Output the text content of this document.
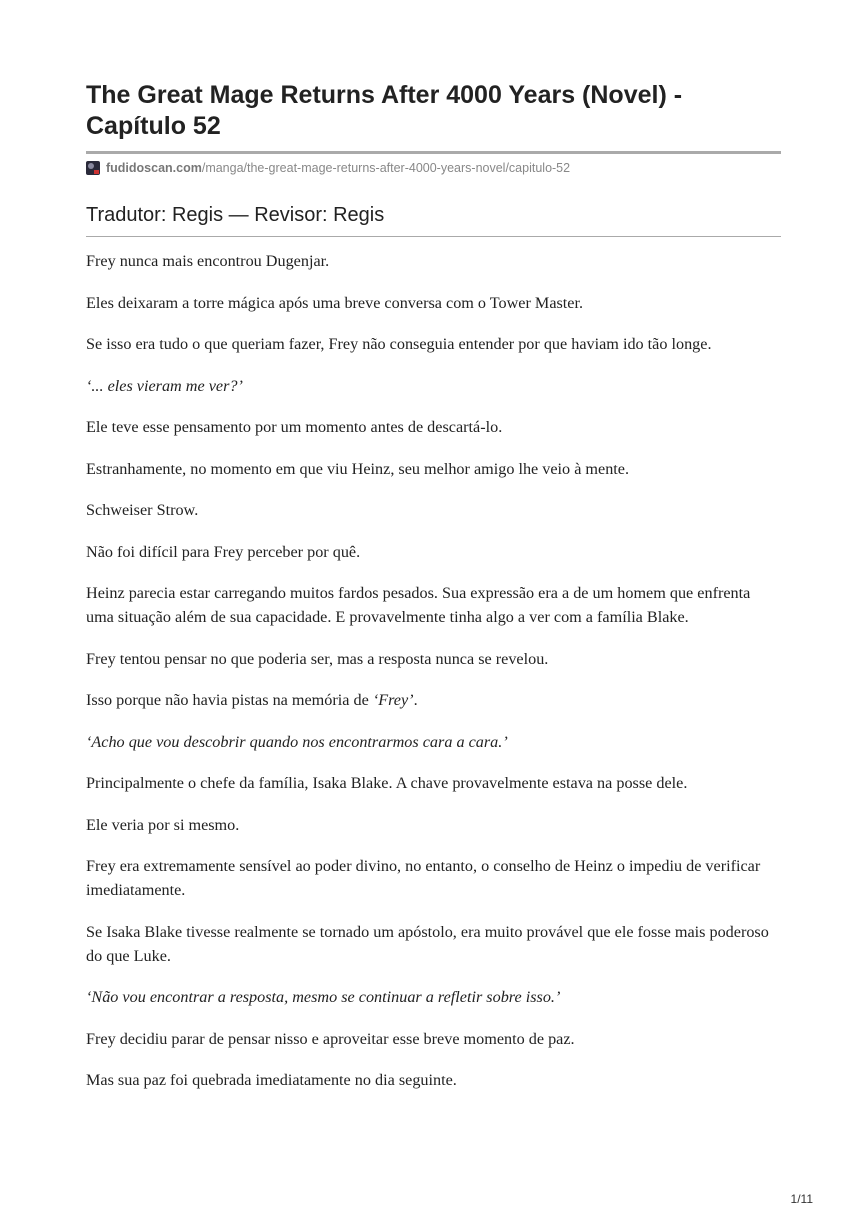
The Great Mage Returns After 4000 Years (Novel) - Capítulo 52
fudidoscan.com /manga/the-great-mage-returns-after-4000-years-novel/capitulo-52
Tradutor: Regis — Revisor: Regis

Frey nunca mais encontrou Dugenjar.

Eles deixaram a torre mágica após uma breve conversa com o Tower Master.

Se isso era tudo o que queriam fazer, Frey não conseguia entender por que haviam ido tão longe.

‘... eles vieram me ver?’

Ele teve esse pensamento por um momento antes de descartá-lo.

Estranhamente, no momento em que viu Heinz, seu melhor amigo lhe veio à mente.

Schweiser Strow.

Não foi difícil para Frey perceber por quê.

Heinz parecia estar carregando muitos fardos pesados. Sua expressão era a de um homem que enfrenta uma situação além de sua capacidade. E provavelmente tinha algo a ver com a família Blake.

Frey tentou pensar no que poderia ser, mas a resposta nunca se revelou.

Isso porque não havia pistas na memória de ‘Frey’.

‘Acho que vou descobrir quando nos encontrarmos cara a cara.’

Principalmente o chefe da família, Isaka Blake. A chave provavelmente estava na posse dele.

Ele veria por si mesmo.

Frey era extremamente sensível ao poder divino, no entanto, o conselho de Heinz o impediu de verificar imediatamente.

Se Isaka Blake tivesse realmente se tornado um apóstolo, era muito provável que ele fosse mais poderoso do que Luke.

‘Não vou encontrar a resposta, mesmo se continuar a refletir sobre isso.’

Frey decidiu parar de pensar nisso e aproveitar esse breve momento de paz.

Mas sua paz foi quebrada imediatamente no dia seguinte.

1/11
